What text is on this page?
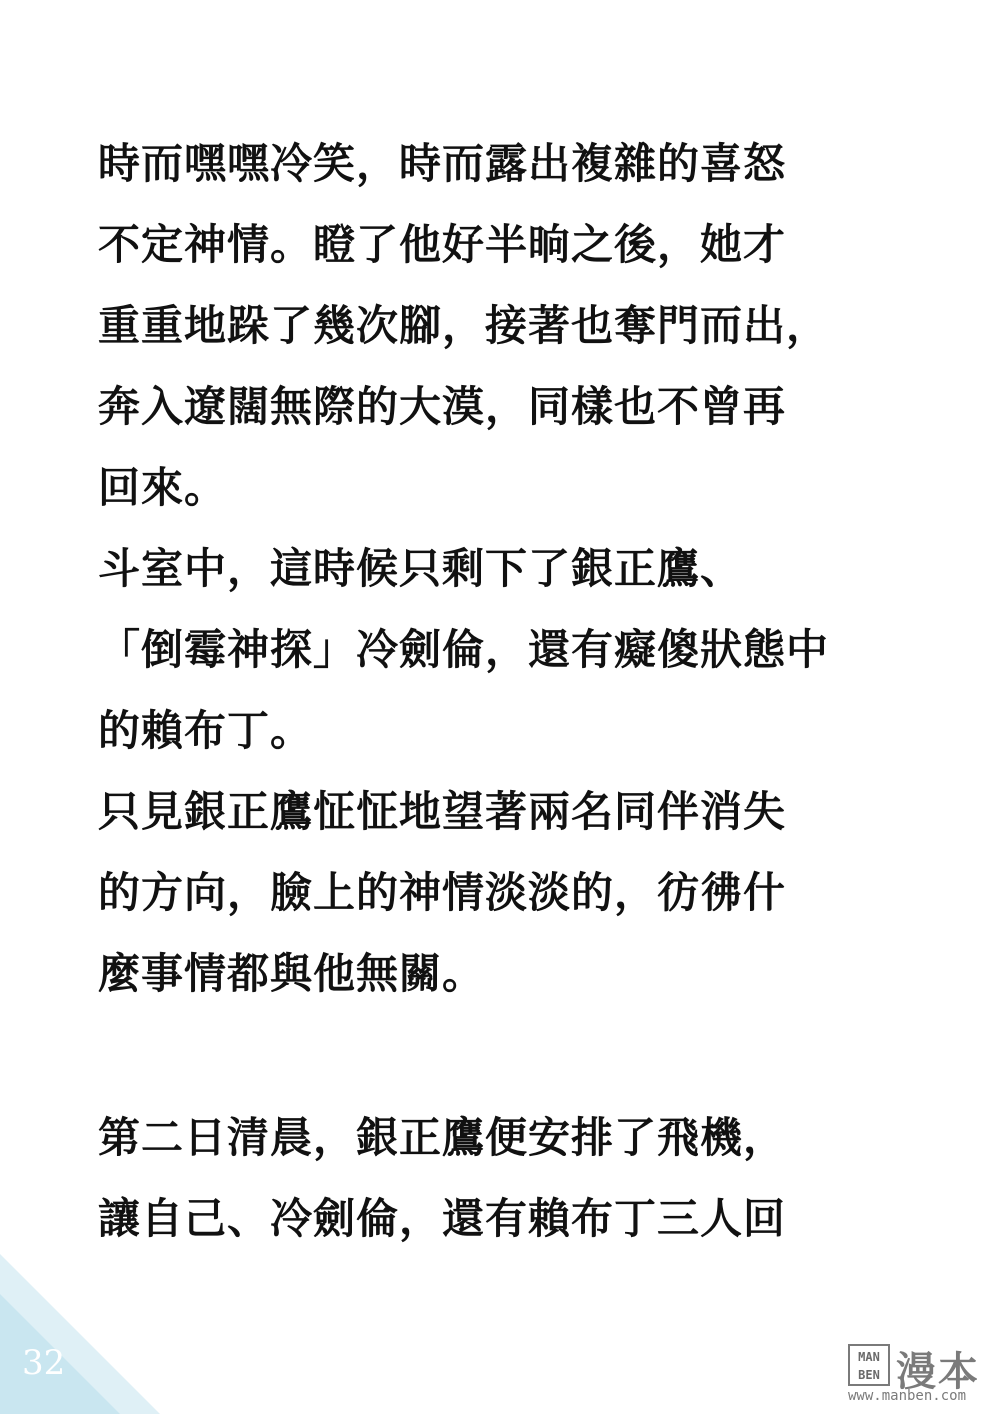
時而嘿嘿冷笑，時而露出複雜的喜怒
不定神情。瞪了他好半晌之後，她才
重重地跺了幾次腳，接著也奪門而出，
奔入遼闊無際的大漠，同樣也不曾再
回來。
斗室中，這時候只剩下了銀正鷹、
「倒霉神探」冷劍倫，還有癡傻狀態中
的賴布丁。
只見銀正鷹怔怔地望著兩名同伴消失
的方向，臉上的神情淡淡的，彷彿什
麼事情都與他無關。
第二日清晨，銀正鷹便安排了飛機，
讓自己、冷劍倫，還有賴布丁三人回
32	MAN
BEN 漫本
www.manben.com
